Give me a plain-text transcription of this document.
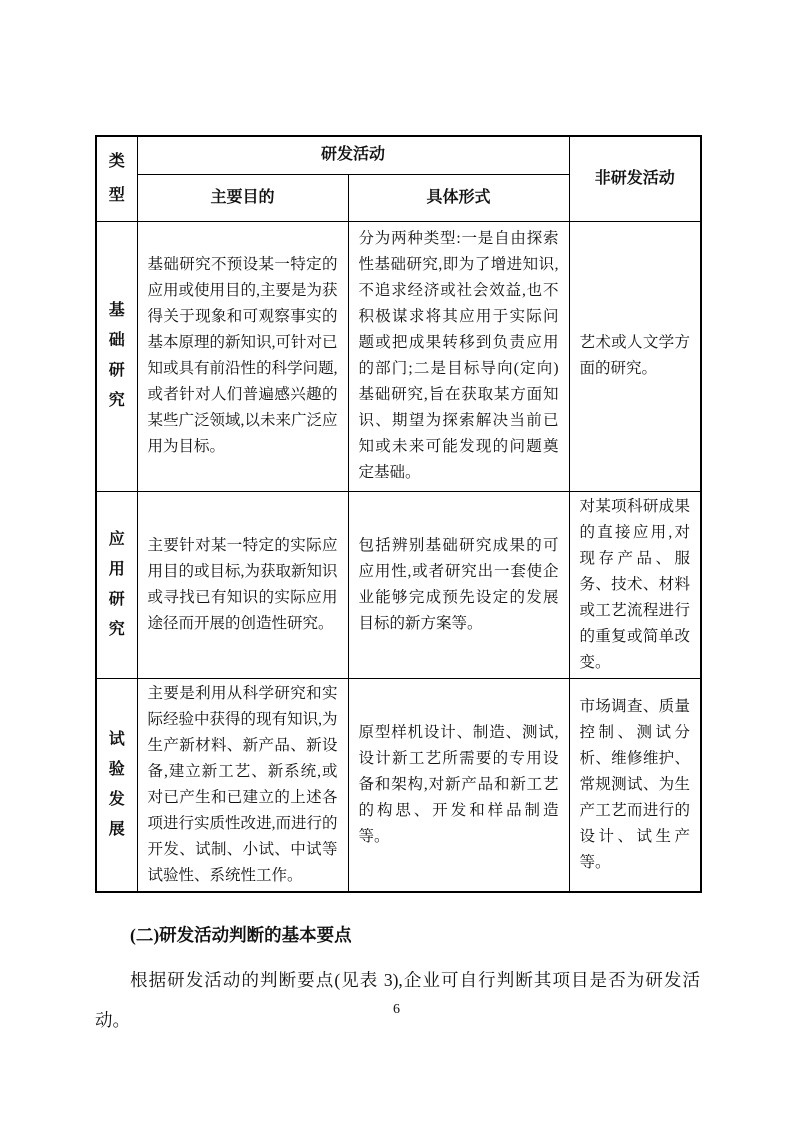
类型	研发活动		非研发活动
	主要目的	具体形式	
基础研究	基础研究不预设某一特定的应用或使用目的,主要是为获得关于现象和可观察事实的基本原理的新知识,可针对已知或具有前沿性的科学问题,或者针对人们普遍感兴趣的某些广泛领域,以未来广泛应用为目标。	分为两种类型:一是自由探索性基础研究,即为了增进知识,不追求经济或社会效益,也不积极谋求将其应用于实际问题或把成果转移到负责应用的部门;二是目标导向(定向)基础研究,旨在获取某方面知识、期望为探索解决当前已知或未来可能发现的问题奠定基础。	艺术或人文学方面的研究。
应用研究	主要针对某一特定的实际应用目的或目标,为获取新知识或寻找已有知识的实际应用途径而开展的创造性研究。	包括辨别基础研究成果的可应用性,或者研究出一套使企业能够完成预先设定的发展目标的新方案等。	对某项科研成果的直接应用,对现存产品、服务、技术、材料或工艺流程进行的重复或简单改变。
试验发展	主要是利用从科学研究和实际经验中获得的现有知识,为生产新材料、新产品、新设备,建立新工艺、新系统,或对已产生和已建立的上述各项进行实质性改进,而进行的开发、试制、小试、中试等试验性、系统性工作。	原型样机设计、制造、测试,设计新工艺所需要的专用设备和架构,对新产品和新工艺的构思、开发和样品制造等。	市场调查、质量控制、测试分析、维修维护、常规测试、为生产工艺而进行的设计、试生产等。
(二)研发活动判断的基本要点
根据研发活动的判断要点(见表 3),企业可自行判断其项目是否为研发活动。	6
